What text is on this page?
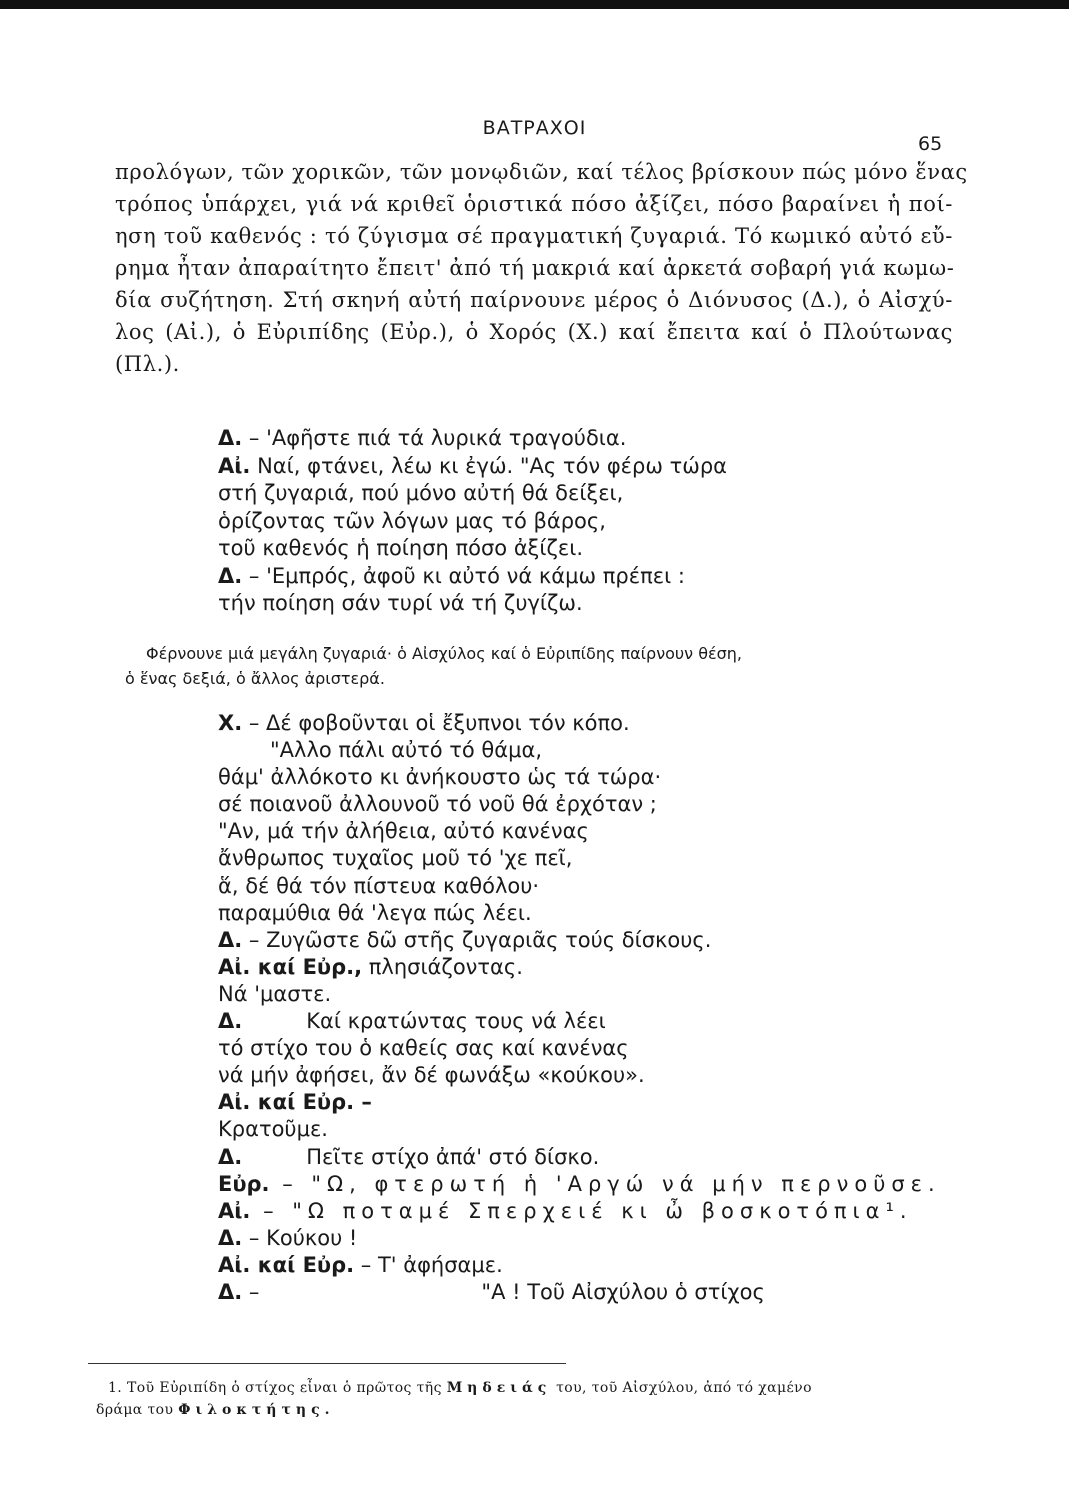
ΒΑΤΡΑΧΟΙ
65
προλόγων, τῶν χορικῶν, τῶν μονῳδιῶν, καί τέλος βρίσκουν πώς μόνο ἕνας
τρόπος ὑπάρχει, γιά νά κριθεῖ ὁριστικά πόσο ἀξίζει, πόσο βαραίνει ἡ ποί-
ηση τοῦ καθενός : τό ζύγισμα σέ πραγματική ζυγαριά. Τό κωμικό αὐτό εὔ-
ρημα ἦταν ἀπαραίτητο ἔπειτ' ἀπό τή μακριά καί ἀρκετά σοβαρή γιά κωμω-
δία συζήτηση. Στή σκηνή αὐτή παίρνουνε μέρος ὁ Διόνυσος (Δ.), ὁ Αἰσχύ-
λος (Αἰ.), ὁ Εὐριπίδης (Εὐρ.), ὁ Χορός (Χ.) καί ἔπειτα καί ὁ Πλούτωνας
(Πλ.).
Δ. – 'Αφῆστε πιά τά λυρικά τραγούδια.
Αἰ. Ναί, φτάνει, λέω κι ἐγώ. "Ας τόν φέρω τώρα
στή ζυγαριά, πού μόνο αὐτή θά δείξει,
ὁρίζοντας τῶν λόγων μας τό βάρος,
τοῦ καθενός ἡ ποίηση πόσο ἀξίζει.
Δ. – 'Εμπρός, ἀφοῦ κι αὐτό νά κάμω πρέπει :
τήν ποίηση σάν τυρί νά τή ζυγίζω.
Φέρνουνε μιά μεγάλη ζυγαριά· ὁ Αἰσχύλος καί ὁ Εὐριπίδης παίρνουν θέση,
ὁ ἕνας δεξιά, ὁ ἄλλος ἀριστερά.
Χ. – Δέ φοβοῦνται οἱ ἔξυπνοι τόν κόπο.
"Αλλο πάλι αὐτό τό θάμα,
θάμ' ἀλλόκοτο κι ἀνήκουστο ὡς τά τώρα·
σέ ποιανοῦ ἀλλουνοῦ τό νοῦ θά ἐρχόταν ;
"Αν, μά τήν ἀλήθεια, αὐτό κανένας
ἄνθρωπος τυχαῖος μοῦ τό 'χε πεῖ,
ἅ, δέ θά τόν πίστευα καθόλου·
παραμύθια θά 'λεγα πώς λέει.
Δ. – Ζυγῶστε δῶ στῆς ζυγαριᾶς τούς δίσκους.
Αἰ. καί Εὐρ., πλησιάζοντας.
Νά 'μαστε.
Δ.	Καί κρατώντας τους νά λέει
τό στίχο του ὁ καθείς σας καί κανένας
νά μήν ἀφήσει, ἄν δέ φωνάξω «κούκου».
Αἰ. καί Εὐρ. –
Κρατοῦμε.
Δ.	Πεῖτε στίχο ἀπά' στό δίσκο.
Εὐρ. – "Ω, φτερωτή ἡ 'Αργώ νά μήν περνοῦσε.
Αἰ. – "Ω ποταμέ Σπερχειέ κι ὦ βοσκοτόπια¹.
Δ. – Κούκου !
Αἰ. καί Εὐρ. – Τ' ἀφήσαμε.
Δ. –	"Α ! Τοῦ Αἰσχύλου ὁ στίχος
1. Τοῦ Εὐριπίδη ὁ στίχος εἶναι ὁ πρῶτος τῆς Μηδειάς του, τοῦ Αἰσχύλου, ἀπό τό χαμένο
δράμα του Φιλοκτήτης.
